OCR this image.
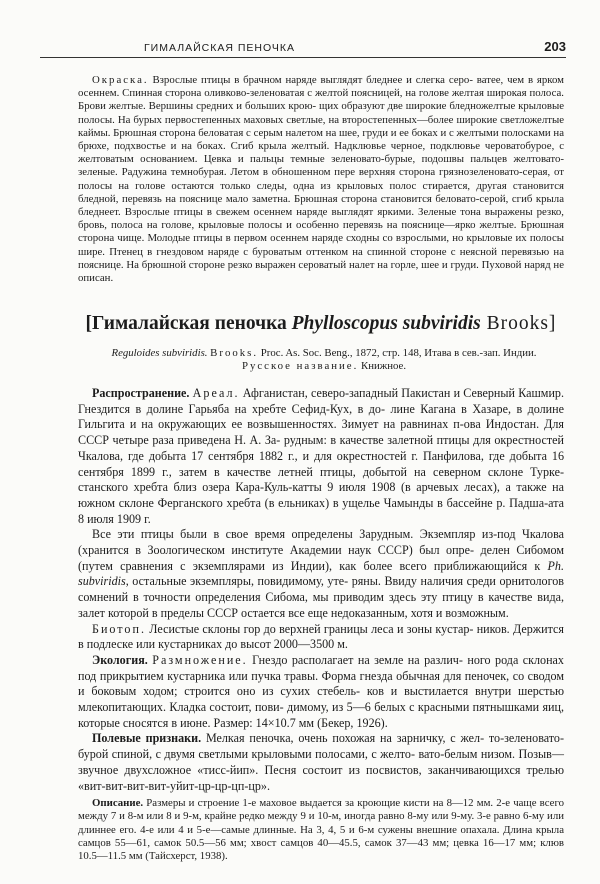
ГИМАЛАЙСКАЯ ПЕНОЧКА	203

Окраска. Взрослые птицы в брачном наряде выглядят бледнее и слегка серо- ватее, чем в ярком осеннем. Спинная сторона оливково-зеленоватая с желтой поясницей, на голове желтая широкая полоса. Брови желтые. Вершины средних и больших крою- щих образуют две широкие бледножелтые крыловые полосы. На бурых первостепенных маховых светлые, на второстепенных—более широкие светложелтые каймы. Брюшная сторона беловатая с серым налетом на шее, груди и ее боках и с желтыми полосками на брюхе, подхвостье и на боках. Сгиб крыла желтый. Надклювье черное, подклювье чероватобурое, с желтоватым основанием. Цевка и пальцы темные зеленовато-бурые, подошвы пальцев желтовато-зеленые. Радужина темнобурая. Летом в обношенном пере верхняя сторона грязнозеленовато-серая, от полосы на голове остаются только следы, одна из крыловых полос стирается, другая становится бледной, перевязь на пояснице мало заметна. Брюшная сторона становится беловато-серой, сгиб крыла бледнеет. Взрослые птицы в свежем осеннем наряде выглядят яркими. Зеленые тона выражены резко, бровь, полоса на голове, крыловые полосы и особенно перевязь на пояснице—ярко желтые. Брюшная сторона чище. Молодые птицы в первом осеннем наряде сходны со взрослыми, но крыловые их полосы шире. Птенец в гнездовом наряде с буроватым оттенком на спинной стороне с неясной перевязью на пояснице. На брюшной стороне резко выражен сероватый налет на горле, шее и груди. Пуховой наряд не описан.

[Гималайская пеночка Phylloscopus subviridis Brooks]

Reguloides subviridis. Brooks. Proc. As. Soc. Beng., 1872, стр. 148, Итава в сев.-зап. Индии.

Русское название. Книжное.

Распространение. Ареал. Афганистан, северо-западный Пакистан и Северный Кашмир. Гнездится в долине Гарьяба на хребте Сефид-Кух, в до- лине Кагана в Хазаре, в долине Гильгита и на окружающих ее возвышенностях. Зимует на равнинах п-ова Индостан. Для СССР четыре раза приведена Н. А. За- рудным: в качестве залетной птицы для окрестностей Чкалова, где добыта 17 сентября 1882 г., и для окрестностей г. Панфилова, где добыта 16 сентября 1899 г., затем в качестве летней птицы, добытой на северном склоне Турке- станского хребта близ озера Кара-Куль-катты 9 июля 1908 (в арчевых лесах), а также на южном склоне Ферганского хребта (в ельниках) в ущелье Чамынды в бассейне р. Падша-ата 8 июля 1909 г.

Все эти птицы были в свое время определены Зарудным. Экземпляр из-под Чкалова (хранится в Зоологическом институте Академии наук СССР) был опре- делен Сибомом (путем сравнения с экземплярами из Индии), как более всего приближающийся к Ph. subviridis, остальные экземпляры, повидимому, уте- ряны. Ввиду наличия среди орнитологов сомнений в точности определения Сибома, мы приводим здесь эту птицу в качестве вида, залет которой в пределы СССР остается все еще недоказанным, хотя и возможным.

Биотоп. Лесистые склоны гор до верхней границы леса и зоны кустар- ников. Держится в подлеске или кустарниках до высот 2000—3500 м.

Экология. Размножение. Гнездо располагает на земле на различ- ного рода склонах под прикрытием кустарника или пучка травы. Форма гнезда обычная для пеночек, со сводом и боковым ходом; строится оно из сухих стебель- ков и выстилается внутри шерстью млекопитающих. Кладка состоит, пови- димому, из 5—6 белых с красными пятнышками яиц, которые сносятся в июне. Размер: 14×10.7 мм (Бекер, 1926).

Полевые признаки. Мелкая пеночка, очень похожая на зарничку, с жел- то-зеленовато-бурой спиной, с двумя светлыми крыловыми полосами, с желто- вато-белым низом. Позыв—звучное двухсложное «тисс-йип». Песня состоит из посвистов, заканчивающихся трелью «вит-вит-вит-вит-уйит-цр-цр-цп-цр».

Описание. Размеры и строение 1-е маховое выдается за кроющие кисти на 8—12 мм. 2-е чаще всего между 7 и 8-м или 8 и 9-м, крайне редко между 9 и 10-м, иногда равно 8-му или 9-му. 3-е равно 6-му или длиннее его. 4-е или 4 и 5-е—самые длинные. На 3, 4, 5 и 6-м сужены внешние опахала. Длина крыла самцов 55—61, самок 50.5—56 мм; хвост самцов 40—45.5, самок 37—43 мм; цевка 16—17 мм; клюв 10.5—11.5 мм (Тайсхерст, 1938).
